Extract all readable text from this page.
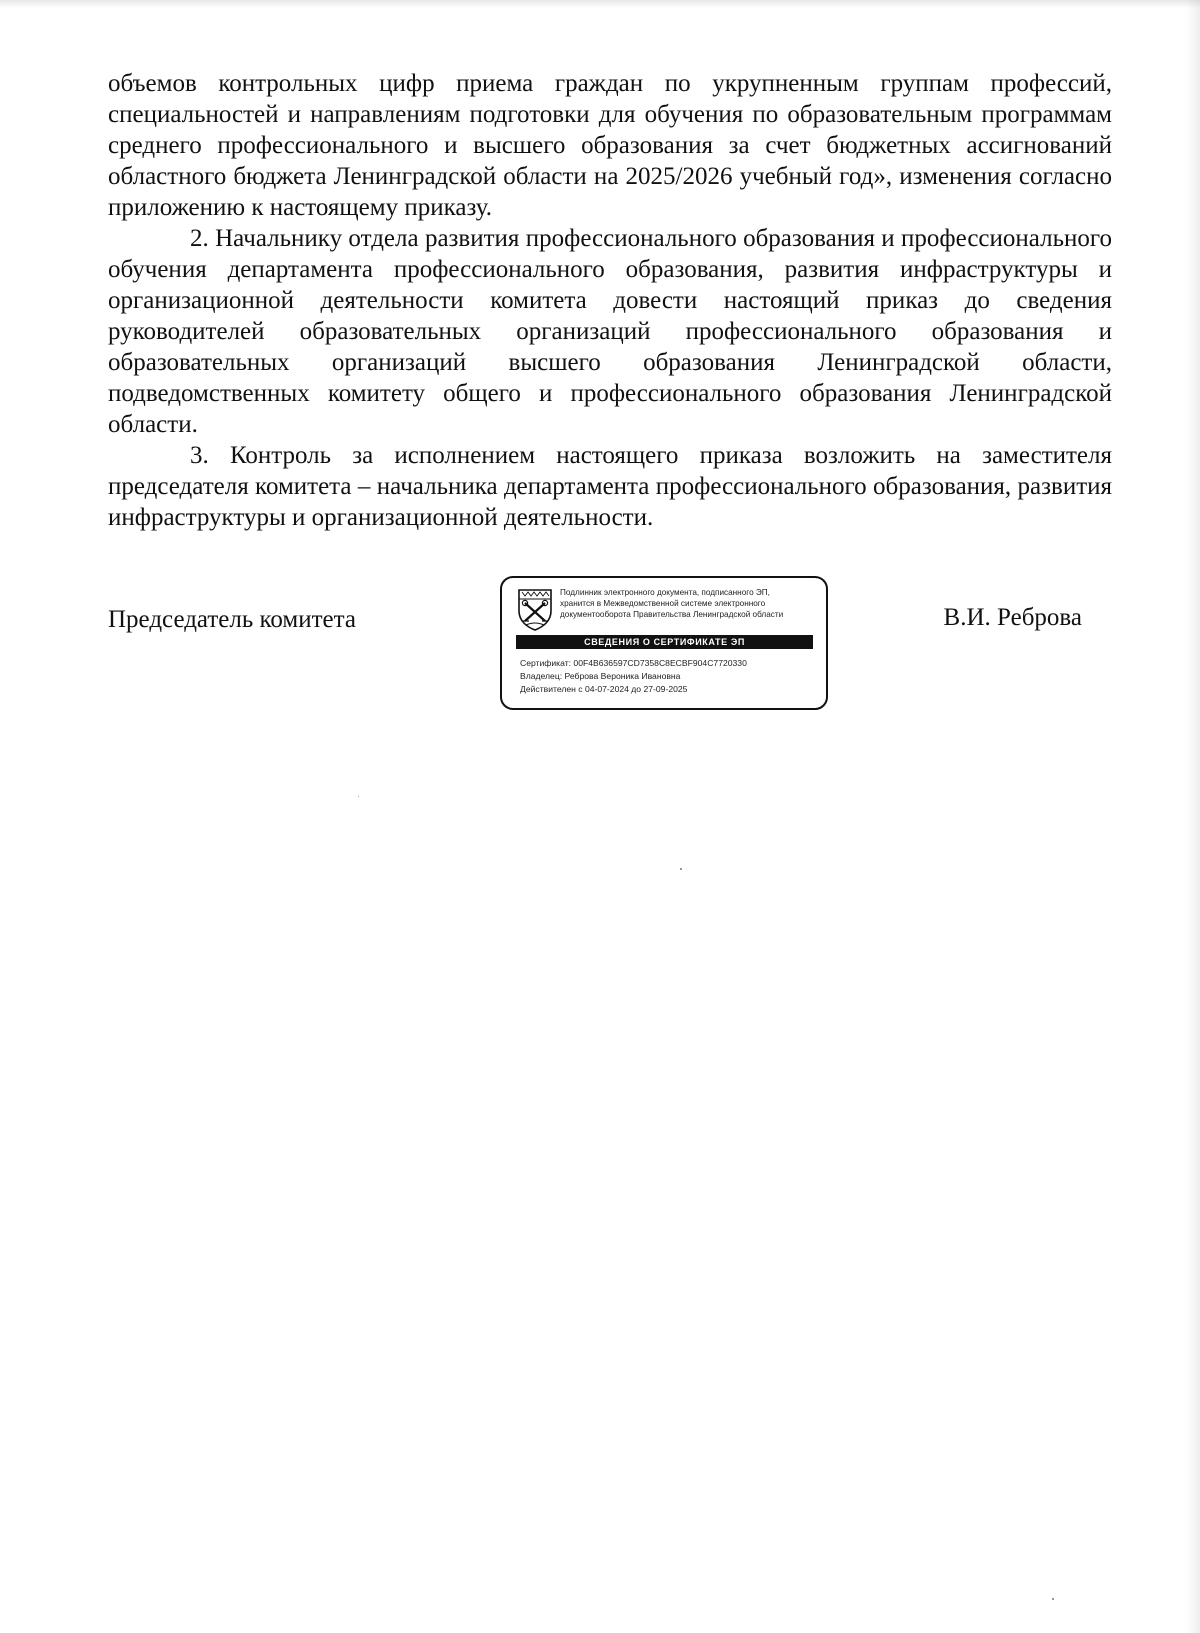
объемов контрольных цифр приема граждан по укрупненным группам профессий, специальностей и направлениям подготовки для обучения по образовательным программам среднего профессионального и высшего образования за счет бюджетных ассигнований областного бюджета Ленинградской области на 2025/2026 учебный год», изменения согласно приложению к настоящему приказу.

2. Начальнику отдела развития профессионального образования и профессионального обучения департамента профессионального образования, развития инфраструктуры и организационной деятельности комитета довести настоящий приказ до сведения руководителей образовательных организаций профессионального образования и образовательных организаций высшего образования Ленинградской области, подведомственных комитету общего и профессионального образования Ленинградской области.

3. Контроль за исполнением настоящего приказа возложить на заместителя председателя комитета – начальника департамента профессионального образования, развития инфраструктуры и организационной деятельности.

Председатель комитета
Подлинник электронного документа, подписанного ЭП,
хранится в Межведомственной системе электронного
документооборота Правительства Ленинградской области
СВЕДЕНИЯ О СЕРТИФИКАТЕ ЭП
Сертификат: 00F4B636597CD7358C8ECBF904C7720330
Владелец: Реброва Вероника Ивановна
Действителен с 04-07-2024 до 27-09-2025
В.И. Реброва
